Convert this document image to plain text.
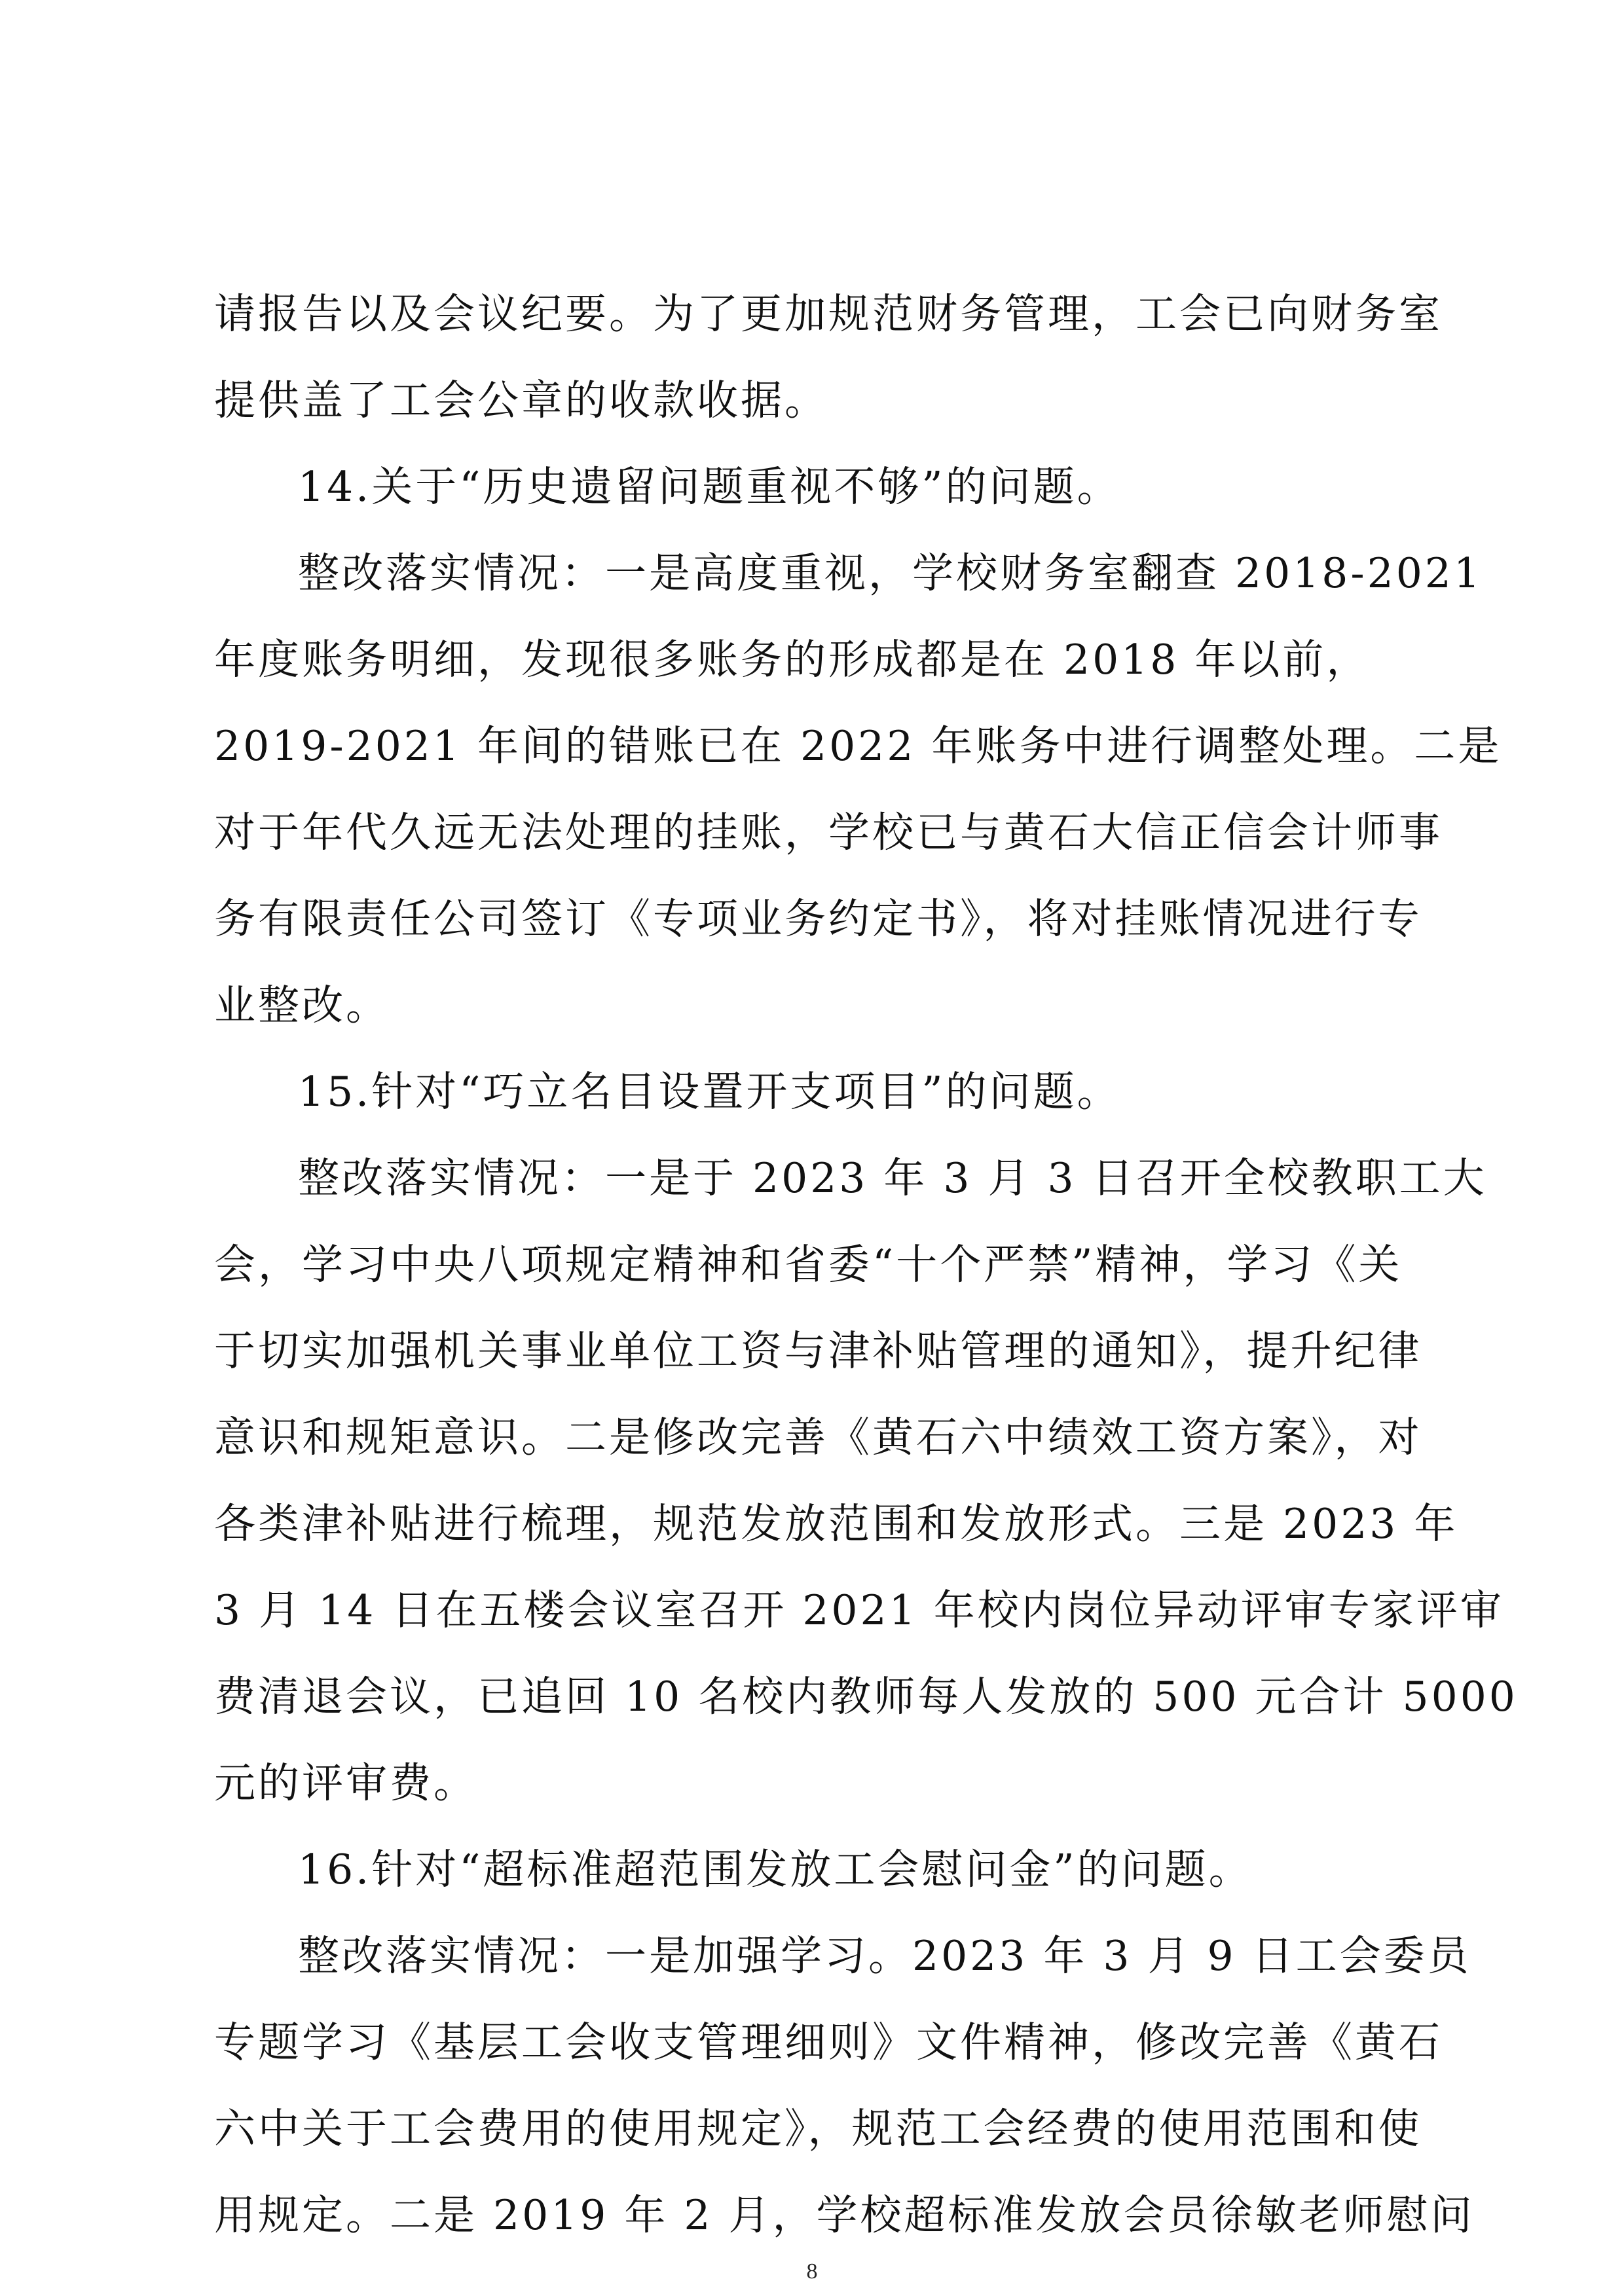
请报告以及会议纪要。为了更加规范财务管理，工会已向财务室
提供盖了工会公章的收款收据。
14.关于“历史遗留问题重视不够”的问题。
整改落实情况：一是高度重视，学校财务室翻查 2018-2021
年度账务明细，发现很多账务的形成都是在 2018 年以前，
2019-2021 年间的错账已在 2022 年账务中进行调整处理。二是
对于年代久远无法处理的挂账，学校已与黄石大信正信会计师事
务有限责任公司签订《专项业务约定书》，将对挂账情况进行专
业整改。
15.针对“巧立名目设置开支项目”的问题。
整改落实情况：一是于 2023 年 3 月 3 日召开全校教职工大
会，学习中央八项规定精神和省委“十个严禁”精神，学习《关
于切实加强机关事业单位工资与津补贴管理的通知》，提升纪律
意识和规矩意识。二是修改完善《黄石六中绩效工资方案》，对
各类津补贴进行梳理，规范发放范围和发放形式。三是 2023 年
3 月 14 日在五楼会议室召开 2021 年校内岗位异动评审专家评审
费清退会议，已追回 10 名校内教师每人发放的 500 元合计 5000
元的评审费。
16.针对“超标准超范围发放工会慰问金”的问题。
整改落实情况：一是加强学习。2023 年 3 月 9 日工会委员
专题学习《基层工会收支管理细则》文件精神，修改完善《黄石
六中关于工会费用的使用规定》，规范工会经费的使用范围和使
用规定。二是 2019 年 2 月，学校超标准发放会员徐敏老师慰问
8
